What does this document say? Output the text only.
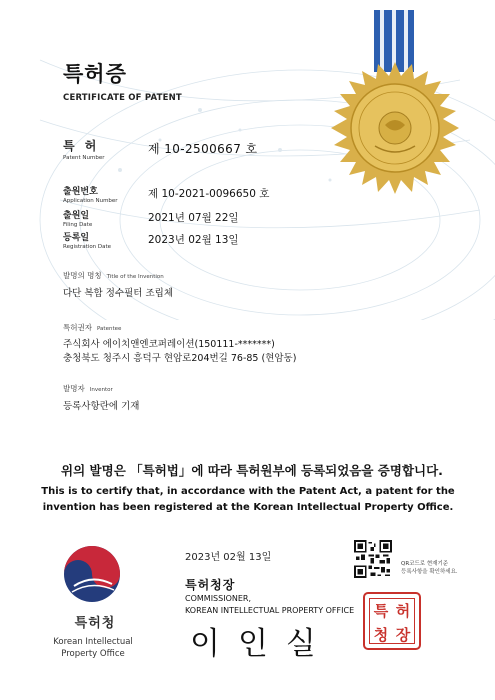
특허증
CERTIFICATE OF PATENT
특 허
Patent Number
제 10-2500667 호
출원번호
Application Number
제 10-2021-0096650 호
출원일
Filing Date
2021년 07월 22일
등록일
Registration Date
2023년 02월 13일
발명의 명칭 Title of the Invention
다단 복합 정수필터 조립체
특허권자 Patentee
주식회사 에이치앤엔코퍼레이션(150111-*******)
충청북도 청주시 흥덕구 현암로204번길 76-85 (현암동)
발명자 Inventor
등록사항란에 기재
위의 발명은 「특허법」에 따라 특허원부에 등록되었음을 증명합니다.
This is to certify that, in accordance with the Patent Act, a patent for the
invention has been registered at the Korean Intellectual Property Office.
2023년 02월 13일
특허청장
COMMISSIONER,
KOREAN INTELLECTUAL PROPERTY OFFICE
이인실
QR코드로 현재기준
등록사항을 확인하세요.
특 허
청 장
특허청
Korean Intellectual
Property Office
